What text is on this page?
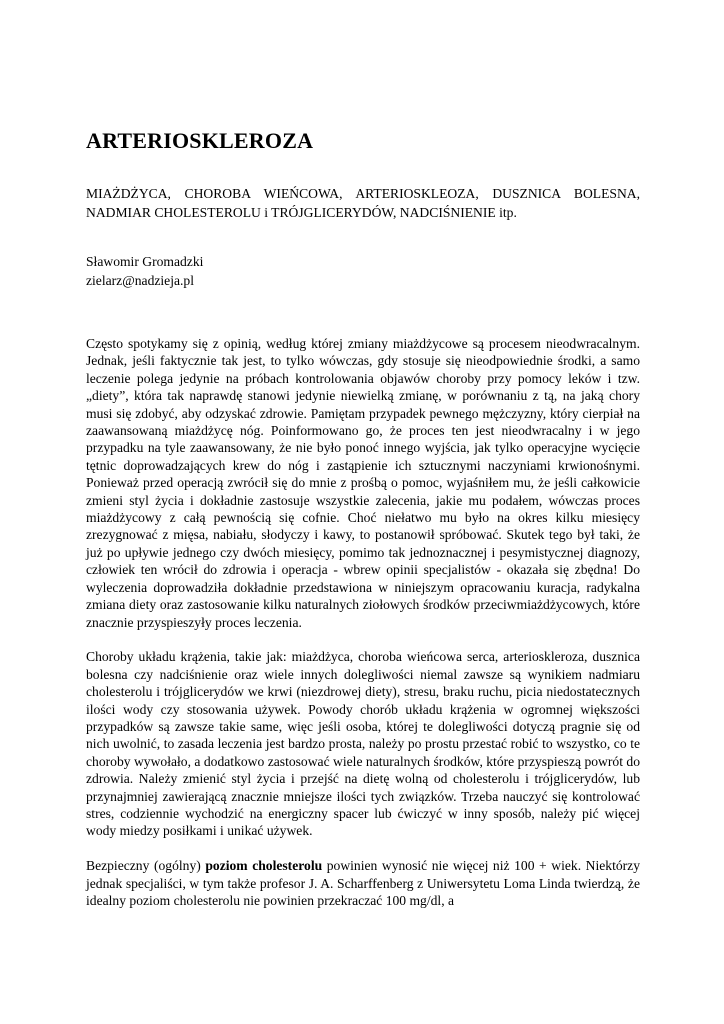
ARTERIOSKLEROZA

MIAŻDŻYCA, CHOROBA WIEŃCOWA, ARTERIOSKLEOZA, DUSZNICA BOLESNA, NADMIAR CHOLESTEROLU i TRÓJGLICERYDÓW, NADCIŚNIENIE itp.

Sławomir Gromadzki
zielarz@nadzieja.pl

Często spotykamy się z opinią, według której zmiany miażdżycowe są procesem nieodwracalnym. Jednak, jeśli faktycznie tak jest, to tylko wówczas, gdy stosuje się nieodpowiednie środki, a samo leczenie polega jedynie na próbach kontrolowania objawów choroby przy pomocy leków i tzw. „diety”, która tak naprawdę stanowi jedynie niewielką zmianę, w porównaniu z tą, na jaką chory musi się zdobyć, aby odzyskać zdrowie. Pamiętam przypadek pewnego mężczyzny, który cierpiał na zaawansowaną miażdżycę nóg. Poinformowano go, że proces ten jest nieodwracalny i w jego przypadku na tyle zaawansowany, że nie było ponoć innego wyjścia, jak tylko operacyjne wycięcie tętnic doprowadzających krew do nóg i zastąpienie ich sztucznymi naczyniami krwionośnymi. Ponieważ przed operacją zwrócił się do mnie z prośbą o pomoc, wyjaśniłem mu, że jeśli całkowicie zmieni styl życia i dokładnie zastosuje wszystkie zalecenia, jakie mu podałem, wówczas proces miażdżycowy z całą pewnością się cofnie. Choć niełatwo mu było na okres kilku miesięcy zrezygnować z mięsa, nabiału, słodyczy i kawy, to postanowił spróbować. Skutek tego był taki, że już po upływie jednego czy dwóch miesięcy, pomimo tak jednoznacznej i pesymistycznej diagnozy, człowiek ten wrócił do zdrowia i operacja - wbrew opinii specjalistów - okazała się zbędna! Do wyleczenia doprowadziła dokładnie przedstawiona w niniejszym opracowaniu kuracja, radykalna zmiana diety oraz zastosowanie kilku naturalnych ziołowych środków przeciwmiażdżycowych, które znacznie przyspieszyły proces leczenia.

Choroby układu krążenia, takie jak: miażdżyca, choroba wieńcowa serca, arterioskleroza, dusznica bolesna czy nadciśnienie oraz wiele innych dolegliwości niemal zawsze są wynikiem nadmiaru cholesterolu i trójglicerydów we krwi (niezdrowej diety), stresu, braku ruchu, picia niedostatecznych ilości wody czy stosowania używek. Powody chorób układu krążenia w ogromnej większości przypadków są zawsze takie same, więc jeśli osoba, której te dolegliwości dotyczą pragnie się od nich uwolnić, to zasada leczenia jest bardzo prosta, należy po prostu przestać robić to wszystko, co te choroby wywołało, a dodatkowo zastosować wiele naturalnych środków, które przyspieszą powrót do zdrowia. Należy zmienić styl życia i przejść na dietę wolną od cholesterolu i trójglicerydów, lub przynajmniej zawierającą znacznie mniejsze ilości tych związków. Trzeba nauczyć się kontrolować stres, codziennie wychodzić na energiczny spacer lub ćwiczyć w inny sposób, należy pić więcej wody miedzy posiłkami i unikać używek.

Bezpieczny (ogólny) poziom cholesterolu powinien wynosić nie więcej niż 100 + wiek. Niektórzy jednak specjaliści, w tym także profesor J. A. Scharffenberg z Uniwersytetu Loma Linda twierdzą, że idealny poziom cholesterolu nie powinien przekraczać 100 mg/dl, a
